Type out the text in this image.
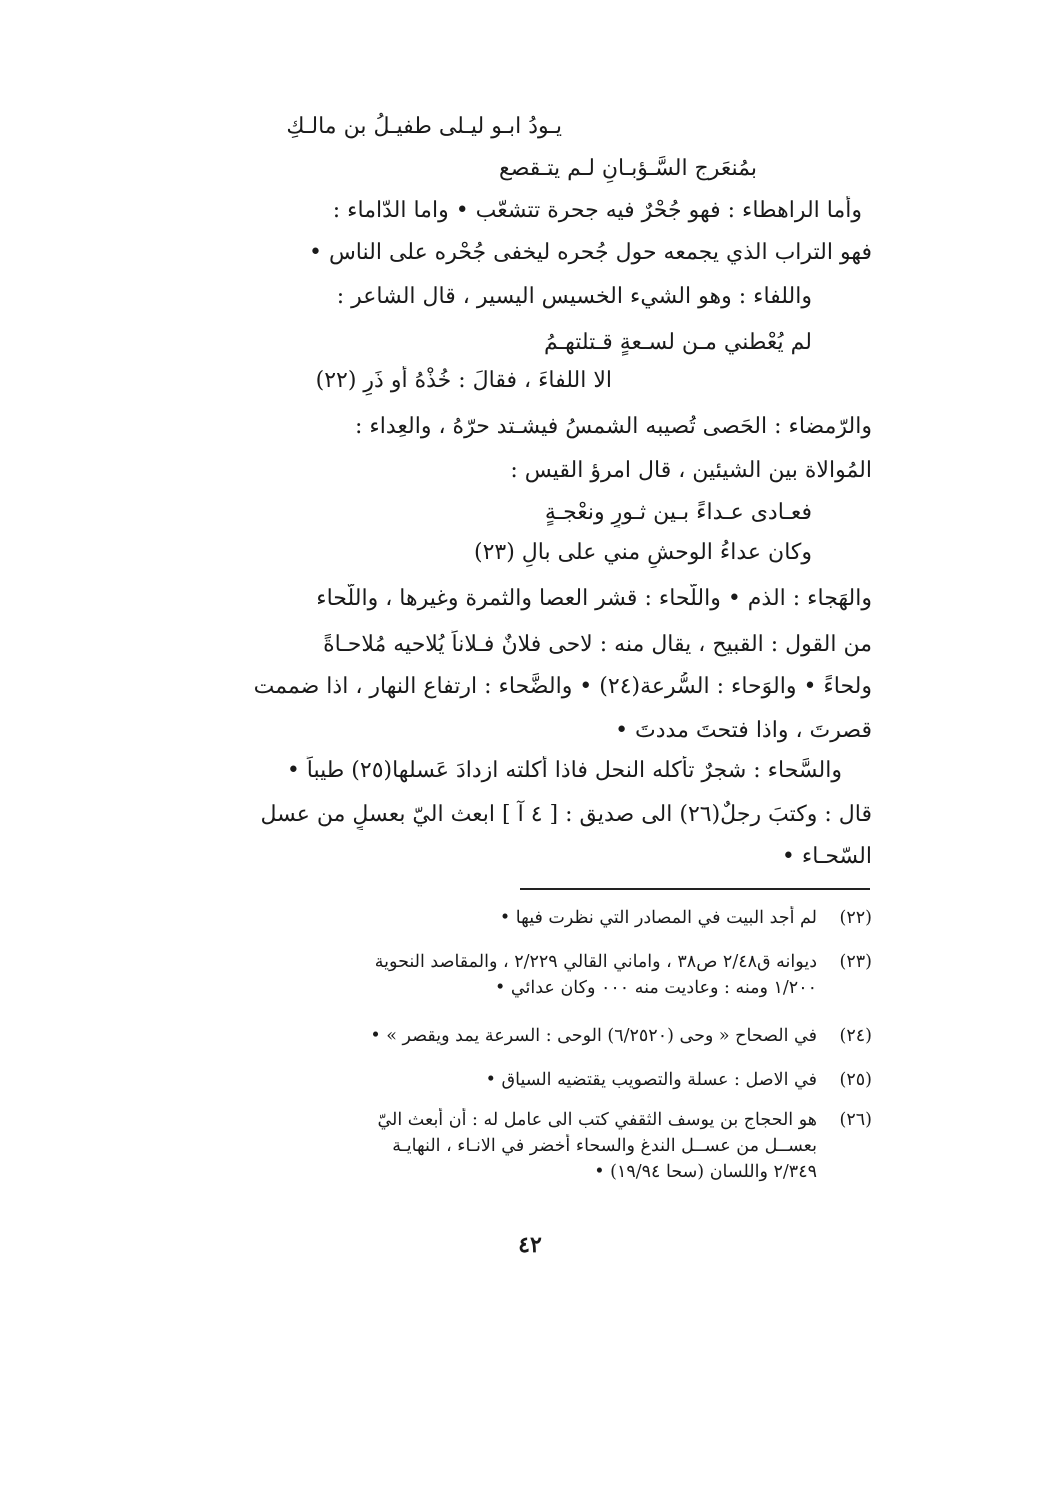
يـودُ ابـو ليـلى طفيـلُ بن مالـكِ
بمُنعَرج السَّـؤبـانِ لـم يتـقصع
وأما الراهطاء : فهو جُحْرٌ فيه جحرة تتشعّب • واما الدّاماء :
فهو التراب الذي يجمعه حول جُحره ليخفى جُحْره على الناس •
واللفاء : وهو الشيء الخسيس اليسير ، قال الشاعر :
لم يُعْطني مـن لسـعةٍ قـتلتهـمُ
الا اللفاءَ ، فقالَ : خُذْهُ أو ذَرِ (٢٢)
والرّمضاء : الحَصى تُصيبه الشمسُ فيشـتد حرّهُ ، والعِداء :
المُوالاة بين الشيئين ، قال امرؤ القيس :
فعـادى عـداءً بـين ثـورٍ ونعْجـةٍ
وكان عداءُ الوحشِ مني على بالِ (٢٣)
والهَجاء : الذم • واللّحاء : قشر العصا والثمرة وغيرها ، واللّحاء
من القول : القبيح ، يقال منه : لاحى فلانٌ فـلاناً يُلاحيه مُلاحـاةً
ولحاءً • والوَحاء : السُّرعة(٢٤) • والضَّحاء : ارتفاع النهار ، اذا ضممت
قصرتَ ، واذا فتحتَ مددتَ •
والسَّحاء : شجرٌ تأكله النحل فاذا أكلته ازدادَ عَسلها(٢٥) طيباً •
قال : وكتبَ رجلٌ(٢٦) الى صديق : [ ٤ آ ] ابعث اليّ بعسلٍ من عسل
السّحـاء •
(٢٢)
لم أجد البيت في المصادر التي نظرت فيها •
(٢٣)
ديوانه ق٢/٤٨ ص٣٨ ، واماني القالي ٢/٢٢٩ ، والمقاصد النحوية
١/٢٠٠ ومنه : وعاديت منه ٠٠٠ وكان عدائي •
(٢٤)
في الصحاح « وحى (٦/٢٥٢٠) الوحى : السرعة يمد ويقصر » •
(٢٥)
في الاصل : عسلة والتصويب يقتضيه السياق •
(٢٦)
هو الحجاج بن يوسف الثقفي كتب الى عامل له : أن أبعث اليّ
بعســل من عســل الندغ والسحاء أخضر في الانـاء ، النهايـة
٢/٣٤٩ واللسان (سحا ١٩/٩٤) •
٤٢
